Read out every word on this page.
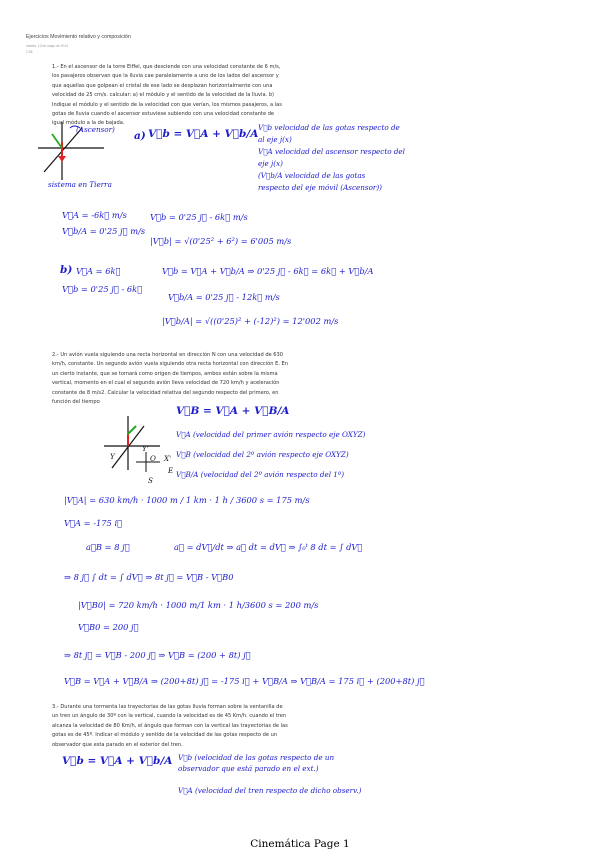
Ejercicios Movimiento relativo y composición
martes, 13 de mayo de 2014
1:36

1.- En el ascensor de la torre Eiffel, que desciende con una velocidad constante de 6 m/s, los pasajeros observan que la lluvia cae paralelamente a uno de los lados del ascensor y que aquellas que golpean el cristal de ese lado se desplazan horizontalmente con una velocidad de 25 cm/s. calcular: a) el módulo y el sentido de la velocidad de la lluvia. b) Indique el módulo y el sentido de la velocidad con que verían, los mismos pasajeros, a las gotas de lluvia cuando el ascensor estuviese subiendo con una velocidad constante de igual módulo a la de bajada.

(Ascensor)
sistema en Tierra
a) V⃗b = V⃗A + V⃗b/A
V⃗b velocidad de las gotas respecto de al eje j(x)
V⃗A velocidad del ascensor respecto del eje j(x)
(V⃗b/A velocidad de las gotas respecto del eje móvil (Ascensor))
V⃗A = -6k⃗ m/s
V⃗b/A = 0'25 j⃗ m/s
V⃗b = 0'25 j⃗ - 6k⃗ m/s
|V⃗b| = √(0'25² + 6²) = 6'005 m/s
b) V⃗A = 6k⃗
V⃗b = 0'25 j⃗ - 6k⃗
V⃗b = V⃗A + V⃗b/A ⇒ 0'25 j⃗ - 6k⃗ = 6k⃗ + V⃗b/A
V⃗b/A = 0'25 j⃗ - 12k⃗ m/s
|V⃗b/A| = √((0'25)² + (-12)²) = 12'002 m/s

2.- Un avión vuela siguiendo una recta horizontal en dirección N con una velocidad de 630 km/h, constante. Un segundo avión vuela siguiendo otra recta horizontal con dirección E. En un cierto instante, que se tomará como origen de tiempos, ambos están sobre la misma vertical, momento en el cual el segundo avión lleva velocidad de 720 km/h y aceleración constante de 8 m/s2. Calcular la velocidad relativa del segundo respecto del primero, en función del tiempo

V⃗B = V⃗A + V⃗B/A
V⃗A (velocidad del primer avión respecto eje OXYZ)
V⃗B (velocidad del 2º avión respecto eje OXYZ)
V⃗B/A (velocidad del 2º avión respecto del 1º)
Y'
O X'
Y
S
E
|V⃗A| = 630 km/h · 1000 m / 1 km · 1 h / 3600 s = 175 m/s
V⃗A = -175 i⃗
a⃗B = 8 j⃗	a⃗ = dV⃗/dt ⇒ a⃗ dt = dV⃗ ⇒ ∫₀ᵗ 8 dt = ∫ dV⃗
⇒ 8 j⃗ ∫ dt = ∫ dV⃗ ⇒ 8t j⃗ = V⃗B - V⃗B0
|V⃗B0| = 720 km/h · 1000 m/1 km · 1 h/3600 s = 200 m/s
V⃗B0 = 200 j⃗
⇒ 8t j⃗ = V⃗B - 200 j⃗ ⇒ V⃗B = (200 + 8t) j⃗
V⃗B = V⃗A + V⃗B/A ⇒ (200+8t) j⃗ = -175 i⃗ + V⃗B/A ⇒ V⃗B/A = 175 i⃗ + (200+8t) j⃗

3.- Durante una tormenta las trayectorias de las gotas lluvia forman sobre la ventanilla de un tren un ángulo de 30º con la vertical, cuando la velocidad es de 45 Km/h. cuando el tren alcanza la velocidad de 80 Km/h, el ángulo que forman con la vertical las trayectorias de las gotas es de 45º. Indicar el módulo y sentido de la velocidad de las gotas respecto de un observador que esta parado en el exterior del tren.

V⃗b = V⃗A + V⃗b/A V⃗b (velocidad de las gotas respecto de un observador que está parado en el ext.)
V⃗A (velocidad del tren respecto de dicho observ.)
Cinemática Page 1
